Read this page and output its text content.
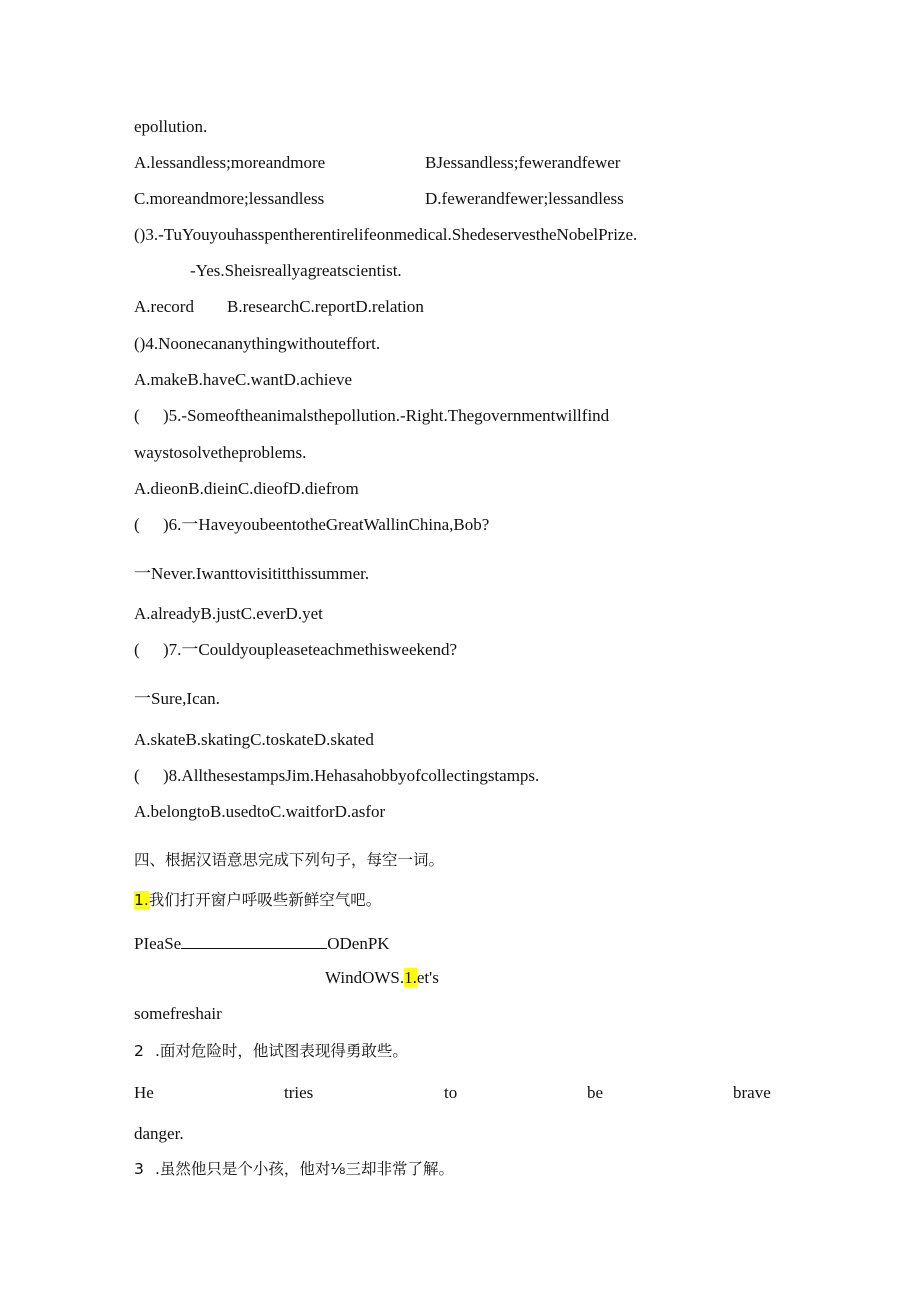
epollution.
A.lessandless;moreandmore	BJessandless;fewerandfewer
C.moreandmore;lessandless	D.fewerandfewer;lessandless
()3.-TuYouyouhasspentherentirelifeonmedical.ShedeservestheNobelPrize.
-Yes.Sheisreallyagreatscientist.
A.record B.researchC.reportD.relation
()4.Noonecananythingwithouteffort.
A.makeB.haveC.wantD.achieve
( )5.-Someoftheanimalsthepollution.-Right.Thegovernmentwillfind
waystosolvetheproblems.
A.dieonB.dieinC.dieofD.diefrom
( )6.一HaveyoubeentotheGreatWallinChina,Bob?
一Never.Iwanttovisititthissummer.
A.alreadyB.justC.everD.yet
( )7.一Couldyoupleaseteachmethisweekend?
一Sure,Ican.
A.skateB.skatingC.toskateD.skated
( )8.AllthesestampsJim.Hehasahobbyofcollectingstamps.
A.belongtoB.usedtoC.waitforD.asfor
四、根据汉语意思完成下列句子，每空一词。
1.我们打开窗户呼吸些新鲜空气吧。
PIeaSe	ODenPK
WindOWS.1.et's
somefreshair
2 .面对危险时，他试图表现得勇敢些。
He	tries	to	be	brave
danger.
3 .虽然他只是个小孩，他对⅛三却非常了解。
